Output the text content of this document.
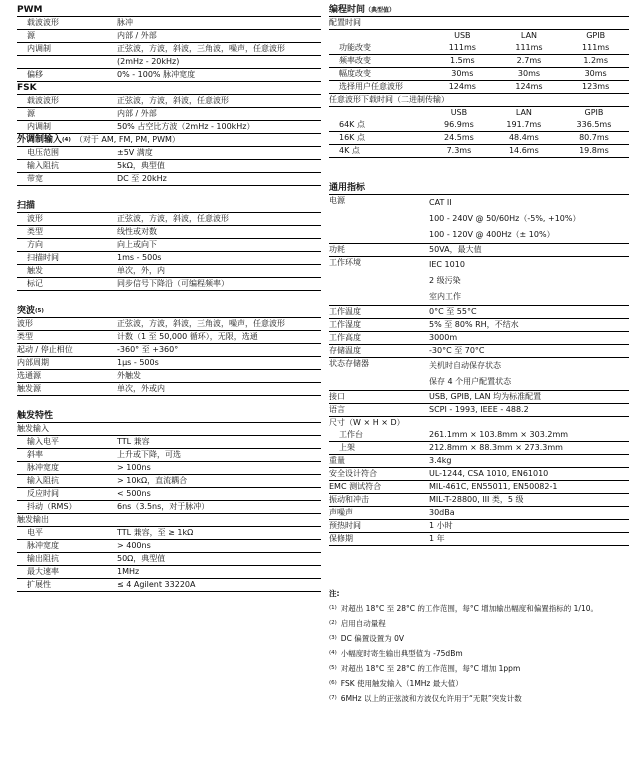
PWM
载波波形	脉冲
源	内部 / 外部
内调制	正弦波，方波，斜波，三角波，噪声，任意波形
(2mHz - 20kHz)
偏移	0% - 100% 脉冲宽度
FSK
载波波形	正弦波，方波，斜波，任意波形
源	内部 / 外部
内调制	50% 占空比方波（2mHz - 100kHz）
外调制输入$^{(4)}$ （对于 AM, FM, PM, PWM）
电压范围	±5V 满度
输入阻抗	5kΩ，典型值
带宽	DC 至 20kHz
扫描
波形	正弦波，方波，斜波，任意波形
类型	线性或对数
方向	向上或向下
扫描时间	1ms - 500s
触发	单次，外，内
标记	同步信号下降沿（可编程频率）
突波$^{(5)}$
波形	正弦波，方波，斜波，三角波，噪声，任意波形
类型	计数（1 至 50,000 循环），无限，选通
起动 / 停止相位	-360° 至 +360°
内部周期	1μs - 500s
选通源	外触发
触发源	单次，外或内
触发特性
触发输入
输入电平	TTL 兼容
斜率	上升或下降，可选
脉冲宽度	> 100ns
输入阻抗	> 10kΩ，直流耦合
反应时间	< 500ns
抖动（RMS）	6ns（3.5ns，对于脉冲）
触发输出
电平	TTL 兼容，至 ≥ 1kΩ
脉冲宽度	> 400ns
输出阻抗	50Ω，典型值
最大速率	1MHz
扩展性	≤ 4 Agilent 33220A
编程时间（典型值）
配置时间
	USB	LAN	GPIB
功能改变	111ms	111ms	111ms
频率改变	1.5ms	2.7ms	1.2ms
幅度改变	30ms	30ms	30ms
选择用户任意波形	124ms	124ms	123ms
任意波形下载时间（二进制传输）
	USB	LAN	GPIB
64K 点	96.9ms	191.7ms	336.5ms
16K 点	24.5ms	48.4ms	80.7ms
4K 点	7.3ms	14.6ms	19.8ms
通用指标
电源	CAT II
100 - 240V @ 50/60Hz（-5%, +10%）
100 - 120V @ 400Hz（± 10%）
功耗	50VA，最大值
工作环境	IEC 1010
2 级污染
室内工作
工作温度	0°C 至 55°C
工作湿度	5% 至 80% RH，不结水
工作高度	3000m
存储温度	-30°C 至 70°C
状态存储器	关机时自动保存状态
保存 4 个用户配置状态
接口	USB, GPIB, LAN 均为标准配置
语言	SCPI - 1993, IEEE - 488.2
尺寸（W × H × D）
工作台	261.1mm × 103.8mm × 303.2mm
上架	212.8mm × 88.3mm × 273.3mm
重量	3.4kg
安全设计符合	UL-1244, CSA 1010, EN61010
EMC 测试符合	MIL-461C, EN55011, EN50082-1
振动和冲击	MIL-T-28800, III 类，5 级
声噪声	30dBa
预热时间	1 小时
保修期	1 年
注:
$^{(1)}$ 对超出 18°C 至 28°C 的工作范围，每°C 增加输出幅度和偏置指标的 1/10。
$^{(2)}$ 启用自动量程
$^{(3)}$ DC 偏置设置为 0V
$^{(4)}$ 小幅度时寄生输出典型值为 -75dBm
$^{(5)}$ 对超出 18°C 至 28°C 的工作范围，每°C 增加 1ppm
$^{(6)}$ FSK 使用触发输入（1MHz 最大值）
$^{(7)}$ 6MHz 以上的正弦波和方波仅允许用于“无限”突发计数
